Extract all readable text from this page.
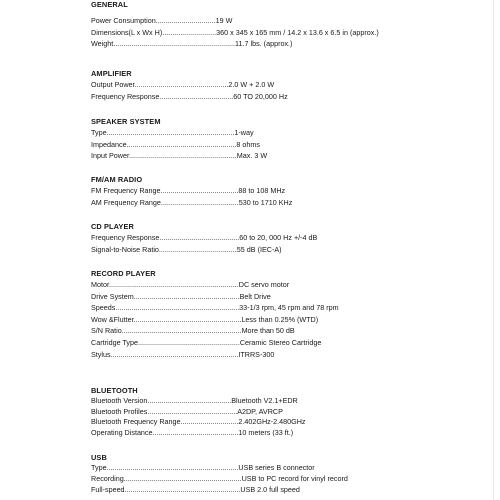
GENERAL
Power Consumption..............................19 W
Dimensions(L x Wx H)...........................360 x 345 x 165 mm / 14.2 x 13.6 x 6.5 in (approx.)
Weight.............................................................11.7 lbs. (approx.)
AMPLIFIER
Output Power...............................................2.0 W + 2.0 W
Frequency Response.....................................60 TO 20,000 Hz
SPEAKER SYSTEM
Type................................................................1-way
Impedance.......................................................8 ohms
Input Power......................................................Max. 3 W
FM/AM RADIO
FM Frequency Range.......................................88 to 108 MHz
AM Frequency Range.......................................530 to 1710 KHz
CD PLAYER
Frequency Response........................................60 to 20, 000 Hz +/-4 dB
Signal-to-Noise Ratio.......................................55 dB (IEC-A)
RECORD PLAYER
Motor.................................................................DC servo motor
Drive System.....................................................Belt Drive
Speeds..............................................................33-1/3 rpm, 45 rpm and 78 rpm
Wow &Flutter......................................................Less than 0.25% (WTD)
S/N Ratio............................................................More than 50 dB
Cartridge Type...................................................Ceramic Stereo Cartridge
Stylus................................................................ITRRS-300
BLUETOOTH
Bluetooth Version..........................................Bluetooth V2.1+EDR
Bluetooth Profiles.............................................A2DP, AVRCP
Bluetooth Frequency Range.............................2.402GHz-2.480GHz
Operating Distance...........................................10 meters (33 ft.)
USB
Type..................................................................USB series B connector
Recording...........................................................USB to PC record for vinyl record
Full-speed..........................................................USB 2.0 full speed
